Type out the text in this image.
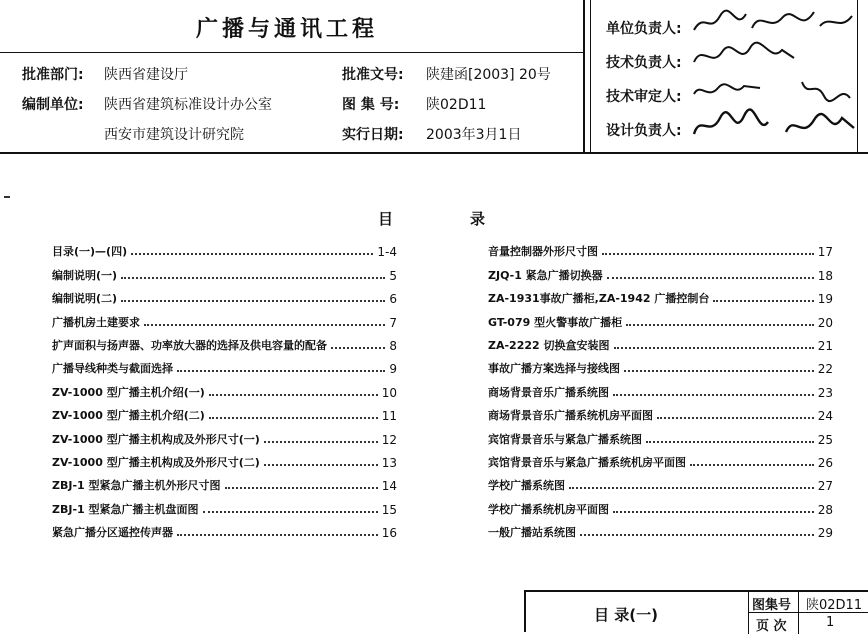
广播与通讯工程
批准部门: 陕西省建设厅
编制单位: 陕西省建筑标准设计办公室
西安市建筑设计研究院
批准文号: 陕建函[2003] 20号
图 集 号: 陕02D11
实行日期: 2003年3月1日
单位负责人:
技术负责人:
技术审定人:
设计负责人:
目	录
目录(一)—(四)	1-4
编制说明(一)	5
编制说明(二)	6
广播机房土建要求	7
扩声面积与扬声器、功率放大器的选择及供电容量的配备	8
广播导线种类与截面选择	9
ZV-1000 型广播主机介绍(一)	10
ZV-1000 型广播主机介绍(二)	11
ZV-1000 型广播主机构成及外形尺寸(一)	12
ZV-1000 型广播主机构成及外形尺寸(二)	13
ZBJ-1 型紧急广播主机外形尺寸图	14
ZBJ-1 型紧急广播主机盘面图	15
紧急广播分区遥控传声器	16
音量控制器外形尺寸图	17
ZJQ-1 紧急广播切换器	18
ZA-1931事故广播柜,ZA-1942 广播控制台	19
GT-079 型火警事故广播柜	20
ZA-2222 切换盒安装图	21
事故广播方案选择与接线图	22
商场背景音乐广播系统图	23
商场背景音乐广播系统机房平面图	24
宾馆背景音乐与紧急广播系统图	25
宾馆背景音乐与紧急广播系统机房平面图	26
学校广播系统图	27
学校广播系统机房平面图	28
一般广播站系统图	29
目 录(一)
图集号 陕02D11
页 次	1
